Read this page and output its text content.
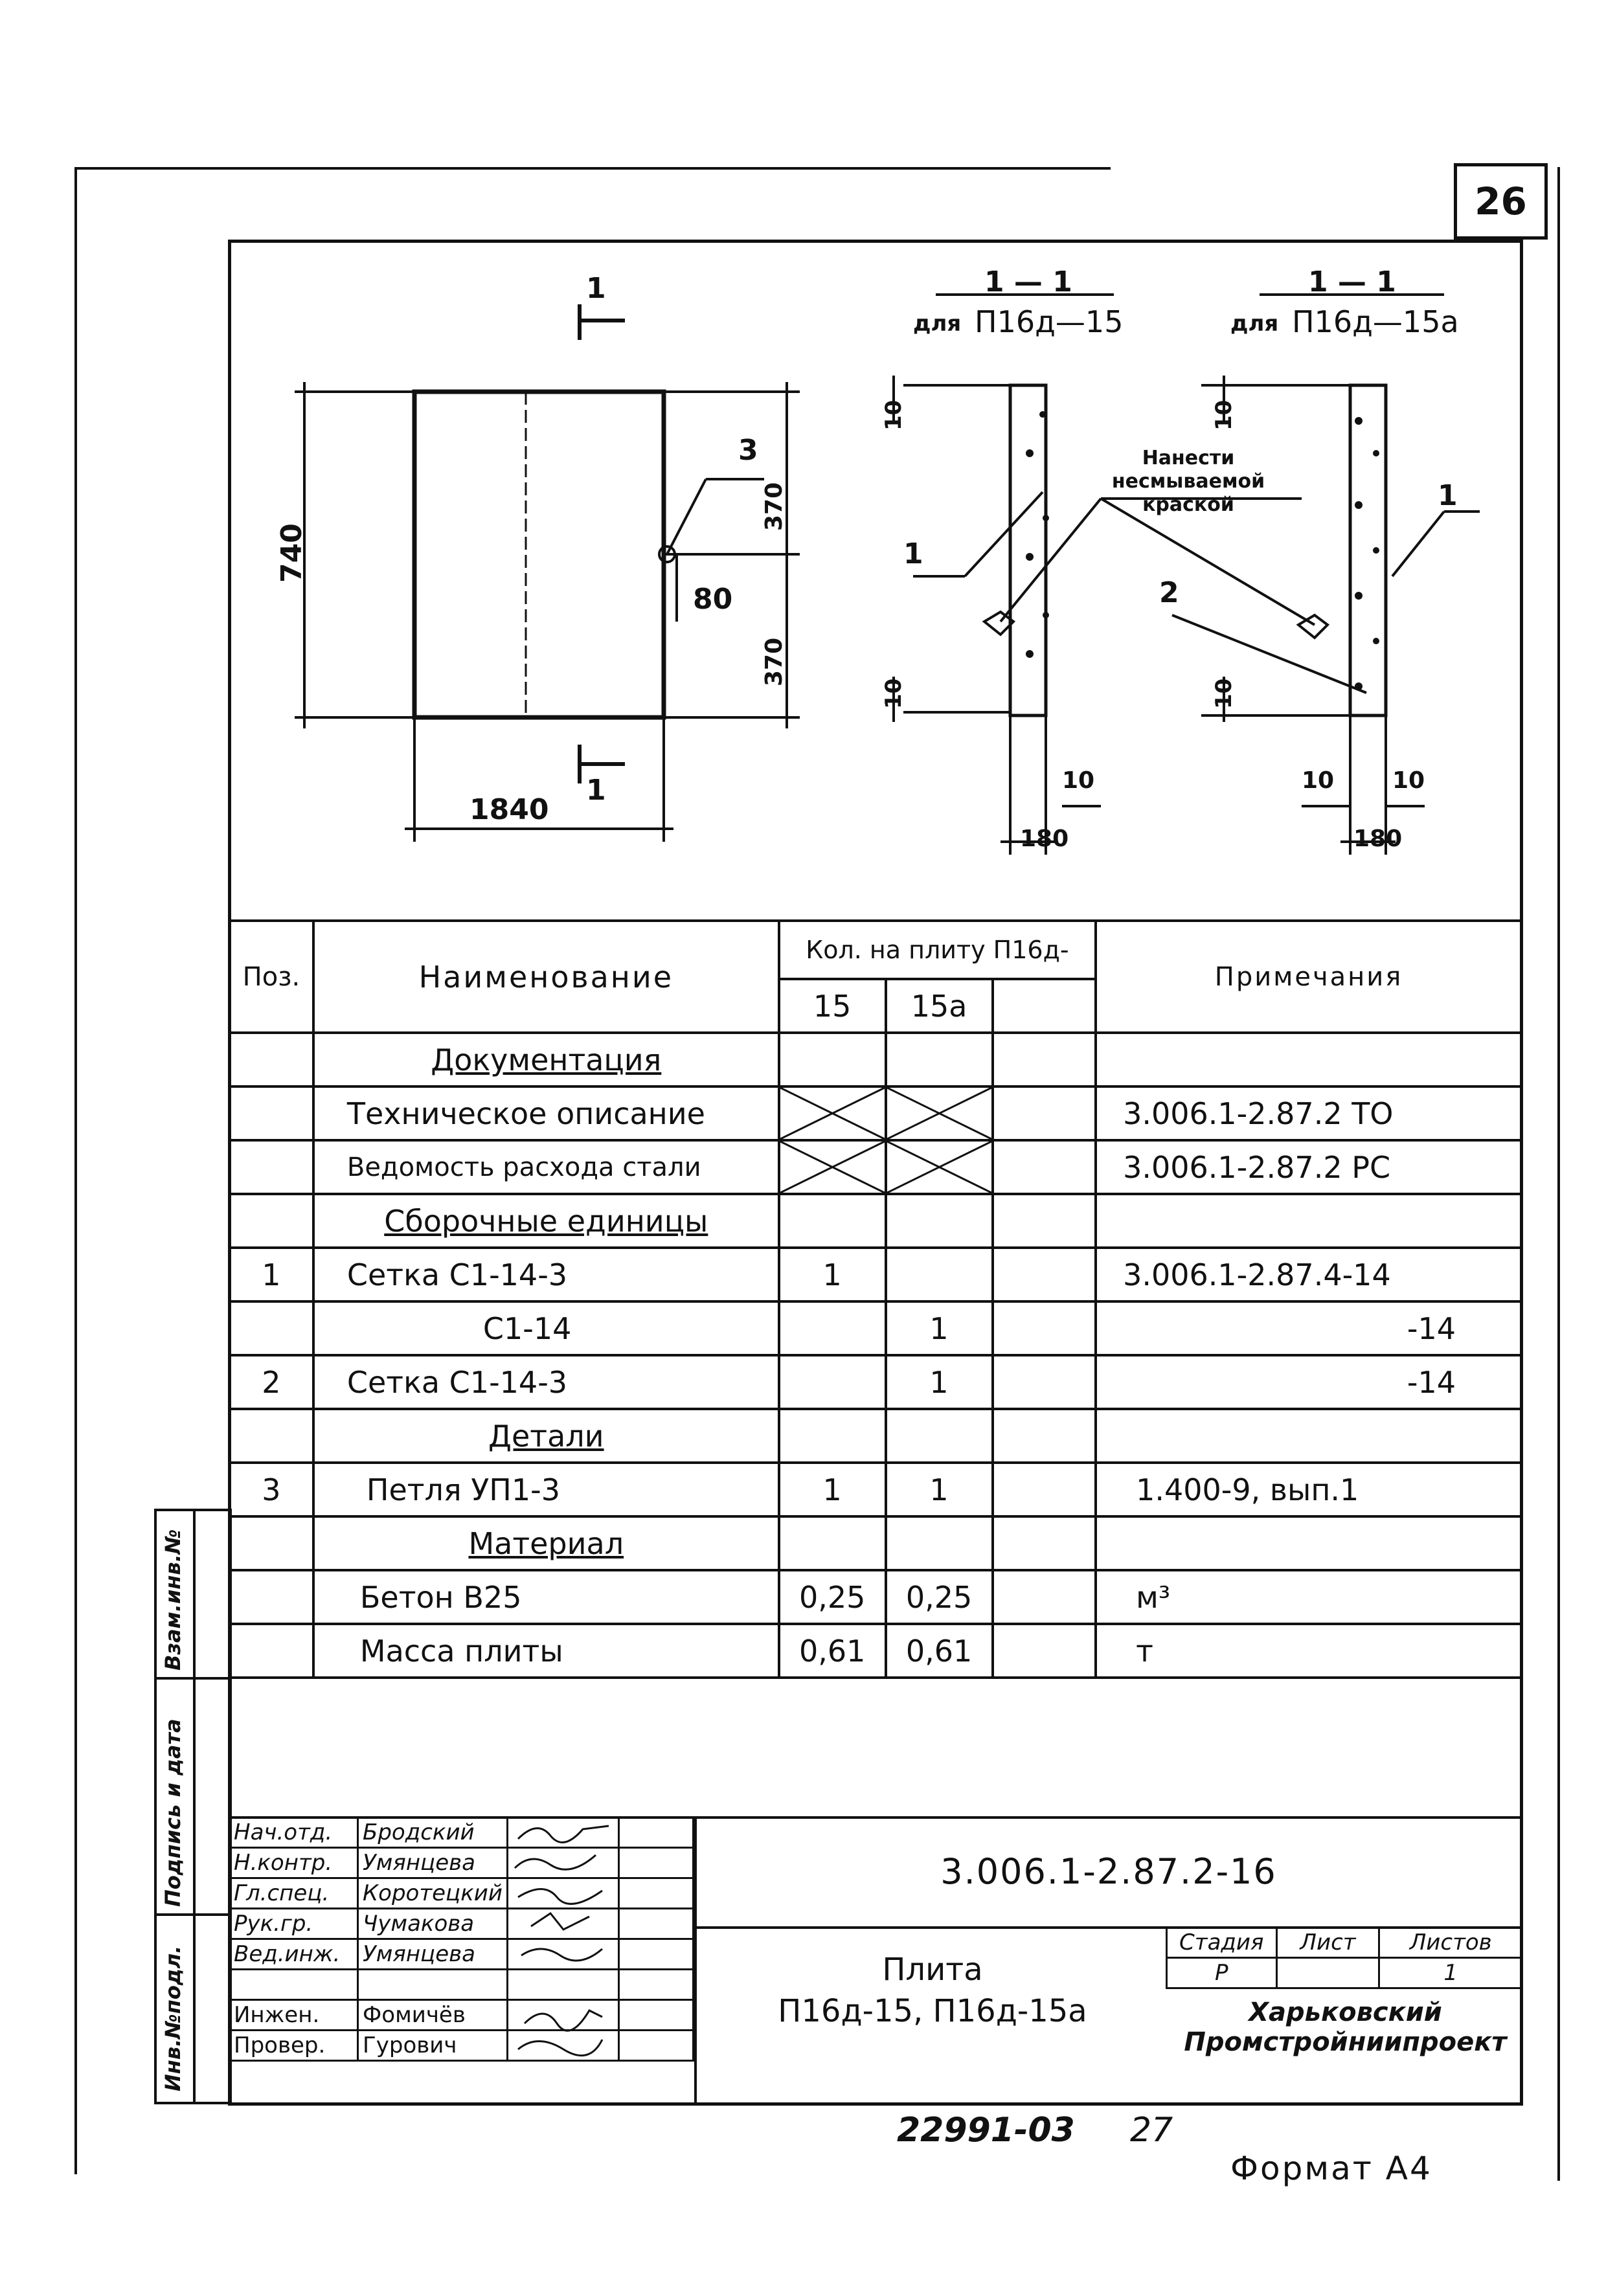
26
1
1
1840
740
370
370
80
3
1 — 1
для П16д—15
10
10
10
180
1
Нанести несмываемой краской
1 — 1
для П16д—15а
10
10
10 10
180
1
2
Поз.	Наименование	Кол. на плиту П16д-			Примечания
		15	15а		
	Документация				
	Техническое описание				3.006.1-2.87.2 ТО
	Ведомость расхода стали				3.006.1-2.87.2 РС
	Сборочные единицы				
1	Сетка С1-14-3	1			3.006.1-2.87.4-14
	С1-14		1		-14
2	Сетка С1-14-3		1		-14
	Детали				
3	Петля УП1-3	1	1		1.400-9, вып.1
	Материал				
	Бетон В25	0,25	0,25		м³
	Масса плиты	0,61	0,61		т
Взам.инв.№
Подпись и дата
Инв.№подл.
Нач.отд.	Бродский		
Н.контр.	Умянцева		
Гл.спец.	Коротецкий		
Рук.гр.	Чумакова		
Вед.инж.	Умянцева		

Инжен.	Фомичёв		
Провер.	Гурович		
3.006.1-2.87.2-16
Плита
П16д-15, П16д-15а
Стадия	Лист	Листов
Р		1
Харьковский
Промстройниипроект
22991-03 27
Формат А4
